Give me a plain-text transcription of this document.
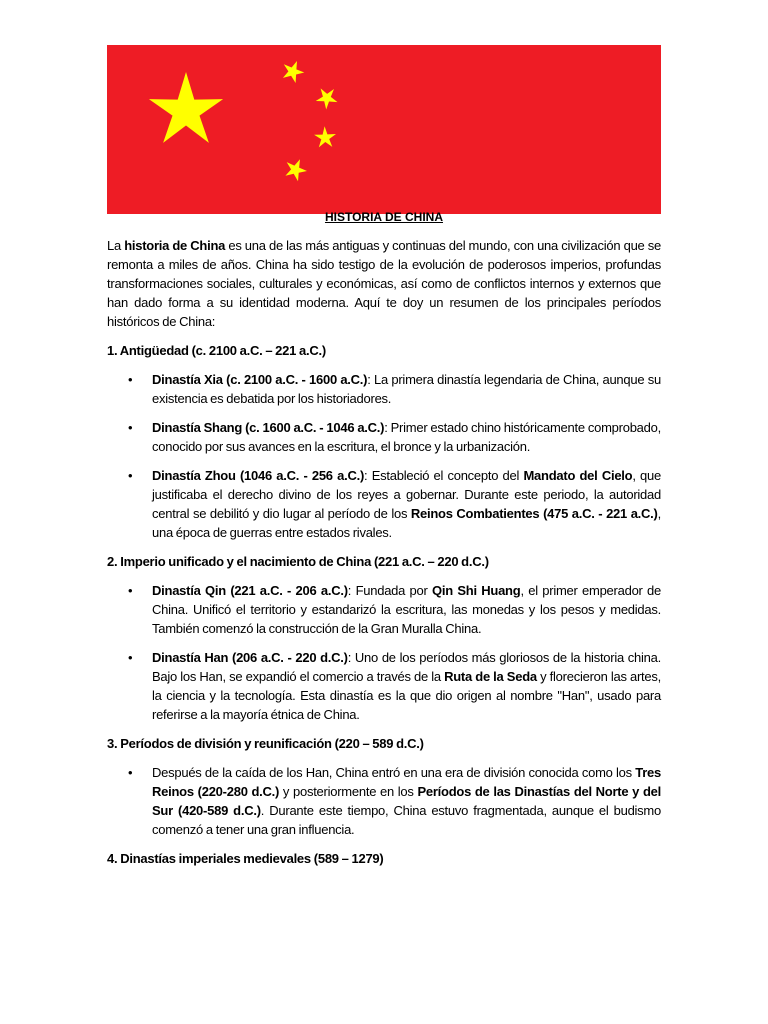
HISTORIA DE CHINA

La historia de China es una de las más antiguas y continuas del mundo, con una civilización que se remonta a miles de años. China ha sido testigo de la evolución de poderosos imperios, profundas transformaciones sociales, culturales y económicas, así como de conflictos internos y externos que han dado forma a su identidad moderna. Aquí te doy un resumen de los principales períodos históricos de China:

1. Antigüedad (c. 2100 a.C. – 221 a.C.)
• Dinastía Xia (c. 2100 a.C. - 1600 a.C.): La primera dinastía legendaria de China, aunque su existencia es debatida por los historiadores.
• Dinastía Shang (c. 1600 a.C. - 1046 a.C.): Primer estado chino históricamente comprobado, conocido por sus avances en la escritura, el bronce y la urbanización.
• Dinastía Zhou (1046 a.C. - 256 a.C.): Estableció el concepto del Mandato del Cielo, que justificaba el derecho divino de los reyes a gobernar. Durante este periodo, la autoridad central se debilitó y dio lugar al período de los Reinos Combatientes (475 a.C. - 221 a.C.), una época de guerras entre estados rivales.
2. Imperio unificado y el nacimiento de China (221 a.C. – 220 d.C.)
• Dinastía Qin (221 a.C. - 206 a.C.): Fundada por Qin Shi Huang, el primer emperador de China. Unificó el territorio y estandarizó la escritura, las monedas y los pesos y medidas. También comenzó la construcción de la Gran Muralla China.
• Dinastía Han (206 a.C. - 220 d.C.): Uno de los períodos más gloriosos de la historia china. Bajo los Han, se expandió el comercio a través de la Ruta de la Seda y florecieron las artes, la ciencia y la tecnología. Esta dinastía es la que dio origen al nombre "Han", usado para referirse a la mayoría étnica de China.
3. Períodos de división y reunificación (220 – 589 d.C.)
• Después de la caída de los Han, China entró en una era de división conocida como los Tres Reinos (220-280 d.C.) y posteriormente en los Períodos de las Dinastías del Norte y del Sur (420-589 d.C.). Durante este tiempo, China estuvo fragmentada, aunque el budismo comenzó a tener una gran influencia.
4. Dinastías imperiales medievales (589 – 1279)
